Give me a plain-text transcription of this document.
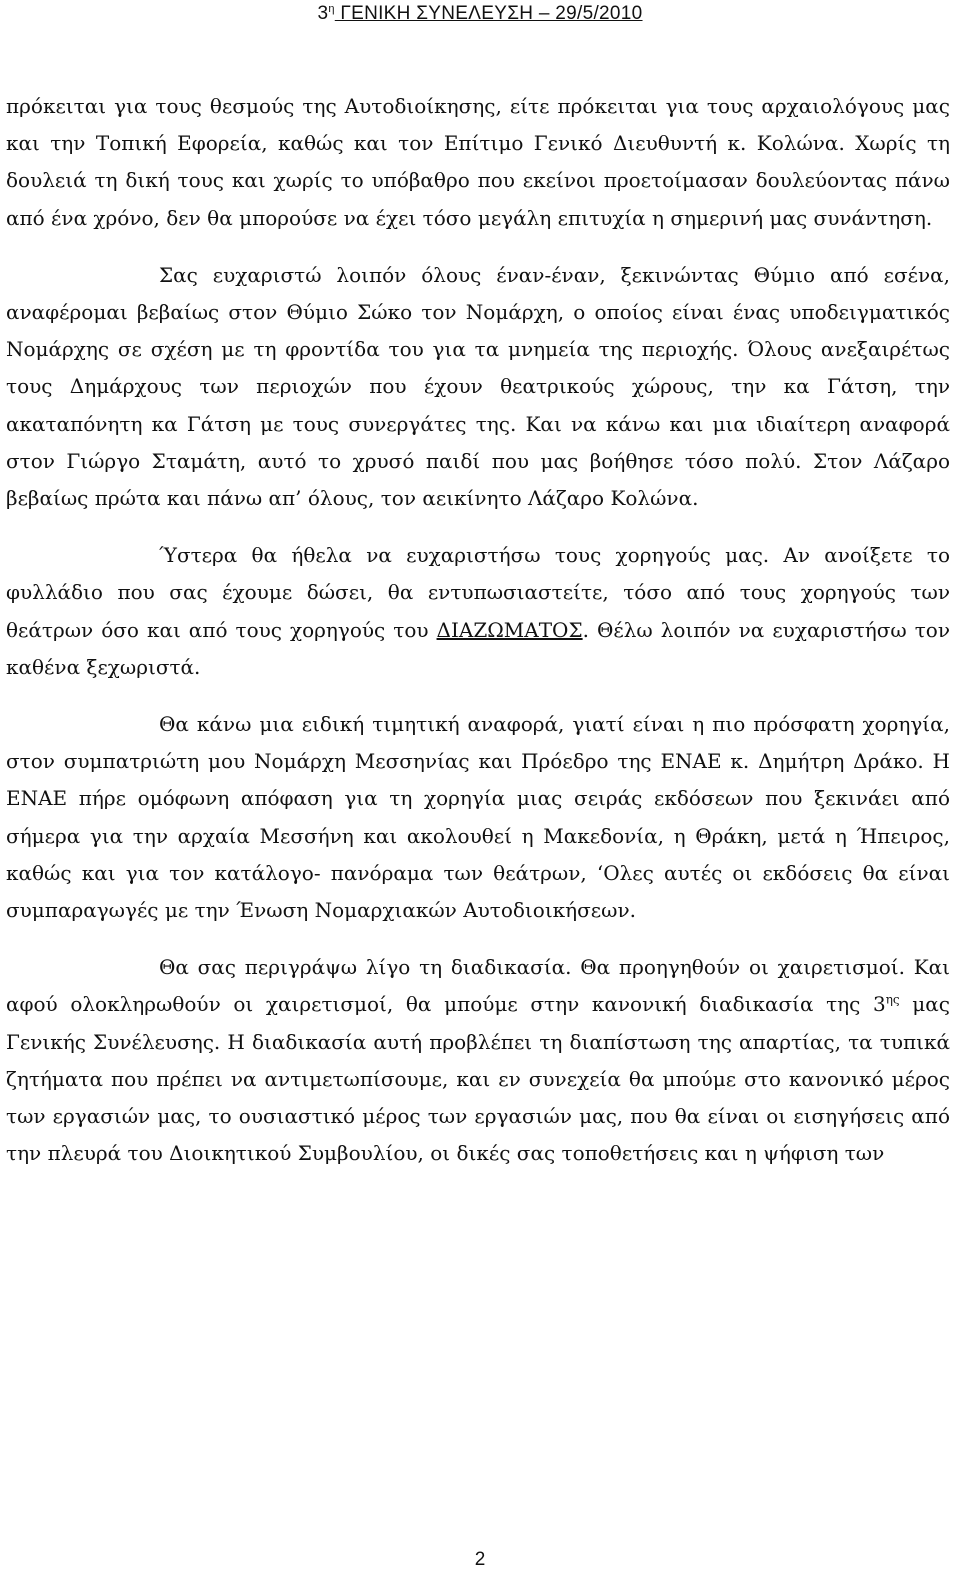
$3^\eta$ ΓΕΝΙΚΗ ΣΥΝΕΛΕΥΣΗ – 29/5/2010

πρόκειται για τους θεσμούς της Αυτοδιοίκησης, είτε πρόκειται για τους αρχαιολόγους μας και την Τοπική Εφορεία, καθώς και τον Επίτιμο Γενικό Διευθυντή κ. Κολώνα. Χωρίς τη δουλειά τη δική τους και χωρίς το υπόβαθρο που εκείνοι προετοίμασαν δουλεύοντας πάνω από ένα χρόνο, δεν θα μπορούσε να έχει τόσο μεγάλη επιτυχία η σημερινή μας συνάντηση.

Σας ευχαριστώ λοιπόν όλους έναν-έναν, ξεκινώντας Θύμιο από εσένα, αναφέρομαι βεβαίως στον Θύμιο Σώκο τον Νομάρχη, ο οποίος είναι ένας υποδειγματικός Νομάρχης σε σχέση με τη φροντίδα του για τα μνημεία της περιοχής. Όλους ανεξαιρέτως τους Δημάρχους των περιοχών που έχουν θεατρικούς χώρους, την κα Γάτση, την ακαταπόνητη κα Γάτση με τους συνεργάτες της. Και να κάνω και μια ιδιαίτερη αναφορά στον Γιώργο Σταμάτη, αυτό το χρυσό παιδί που μας βοήθησε τόσο πολύ. Στον Λάζαρο βεβαίως πρώτα και πάνω απ’ όλους, τον αεικίνητο Λάζαρο Κολώνα.

Ύστερα θα ήθελα να ευχαριστήσω τους χορηγούς μας. Αν ανοίξετε το φυλλάδιο που σας έχουμε δώσει, θα εντυπωσιαστείτε, τόσο από τους χορηγούς των θεάτρων όσο και από τους χορηγούς του ΔΙΑΖΩΜΑΤΟΣ. Θέλω λοιπόν να ευχαριστήσω τον καθένα ξεχωριστά.

Θα κάνω μια ειδική τιμητική αναφορά, γιατί είναι η πιο πρόσφατη χορηγία, στον συμπατριώτη μου Νομάρχη Μεσσηνίας και Πρόεδρο της ΕΝΑΕ κ. Δημήτρη Δράκο. Η ΕΝΑΕ πήρε ομόφωνη απόφαση για τη χορηγία μιας σειράς εκδόσεων που ξεκινάει από σήμερα για την αρχαία Μεσσήνη και ακολουθεί η Μακεδονία, η Θράκη, μετά η Ήπειρος, καθώς και για τον κατάλογο- πανόραμα των θεάτρων, ‘Ολες αυτές οι εκδόσεις θα είναι συμπαραγωγές με την Ένωση Νομαρχιακών Αυτοδιοικήσεων.

Θα σας περιγράψω λίγο τη διαδικασία. Θα προηγηθούν οι χαιρετισμοί. Και αφού ολοκληρωθούν οι χαιρετισμοί, θα μπούμε στην κανονική διαδικασία της $3^{\eta\varsigma}$ μας Γενικής Συνέλευσης. Η διαδικασία αυτή προβλέπει τη διαπίστωση της απαρτίας, τα τυπικά ζητήματα που πρέπει να αντιμετωπίσουμε, και εν συνεχεία θα μπούμε στο κανονικό μέρος των εργασιών μας, το ουσιαστικό μέρος των εργασιών μας, που θα είναι οι εισηγήσεις από την πλευρά του Διοικητικού Συμβουλίου, οι δικές σας τοποθετήσεις και η ψήφιση των

2
